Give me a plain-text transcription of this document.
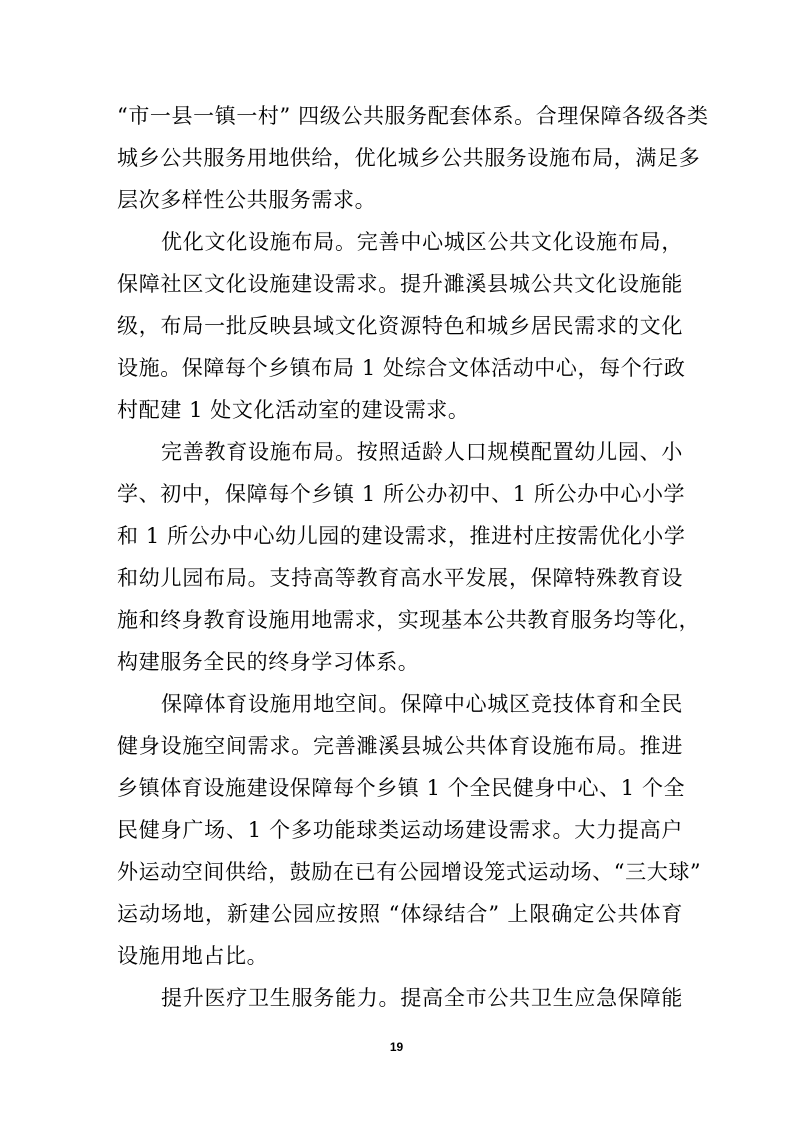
“市一县一镇一村” 四级公共服务配套体系。合理保障各级各类
城乡公共服务用地供给，优化城乡公共服务设施布局，满足多
层次多样性公共服务需求。
优化文化设施布局。完善中心城区公共文化设施布局，
保障社区文化设施建设需求。提升濉溪县城公共文化设施能
级，布局一批反映县域文化资源特色和城乡居民需求的文化
设施。保障每个乡镇布局 1 处综合文体活动中心，每个行政
村配建 1 处文化活动室的建设需求。
完善教育设施布局。按照适龄人口规模配置幼儿园、小
学、初中，保障每个乡镇 1 所公办初中、1 所公办中心小学
和 1 所公办中心幼儿园的建设需求，推进村庄按需优化小学
和幼儿园布局。支持高等教育高水平发展，保障特殊教育设
施和终身教育设施用地需求，实现基本公共教育服务均等化，
构建服务全民的终身学习体系。
保障体育设施用地空间。保障中心城区竞技体育和全民
健身设施空间需求。完善濉溪县城公共体育设施布局。推进
乡镇体育设施建设保障每个乡镇 1 个全民健身中心、1 个全
民健身广场、1 个多功能球类运动场建设需求。大力提高户
外运动空间供给，鼓励在已有公园增设笼式运动场、“三大球”
运动场地，新建公园应按照 “体绿结合” 上限确定公共体育
设施用地占比。
提升医疗卫生服务能力。提高全市公共卫生应急保障能
19
